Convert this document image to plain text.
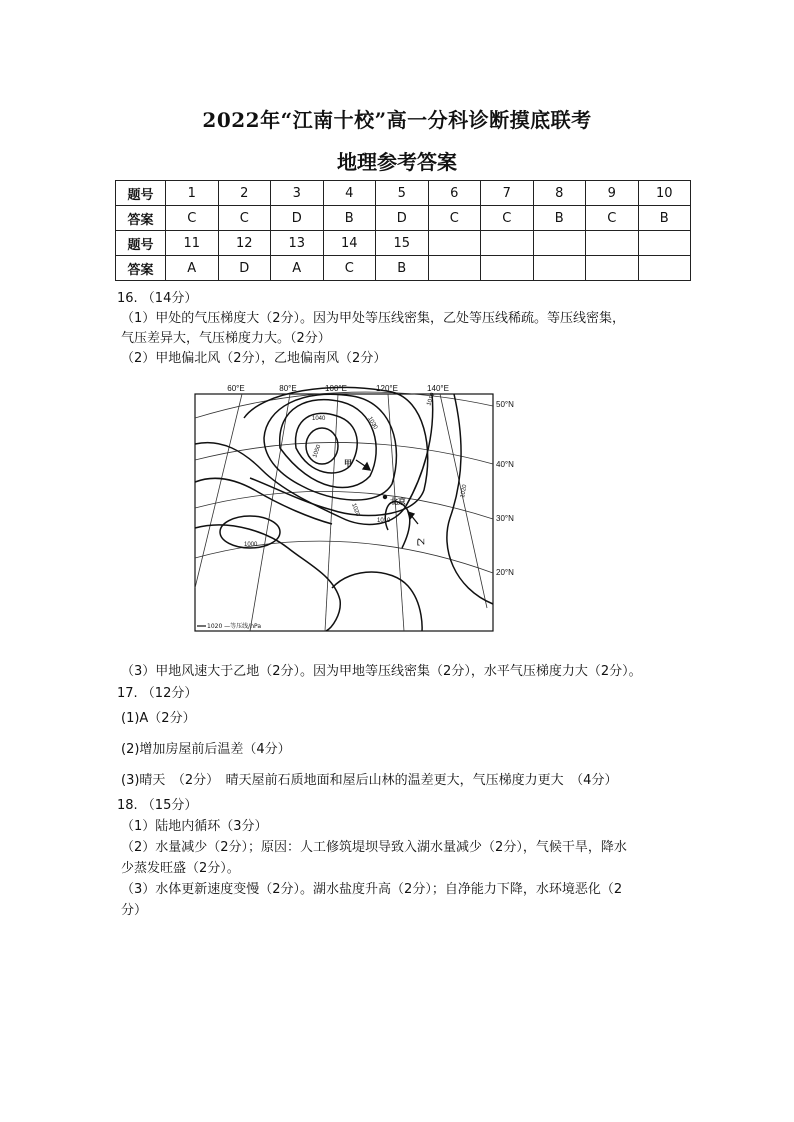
2022年“江南十校”高一分科诊断摸底联考
地理参考答案
题号	1	2	3	4	5	6	7	8	9	10
答案	C	C	D	B	D	C	C	B	C	B
题号	11	12	13	14	15					
答案	A	D	A	C	B					
16. （14分）
（1）甲处的气压梯度大（2分）。因为甲处等压线密集，乙处等压线稀疏。等压线密集，
气压差异大，气压梯度力大。（2分）
（2）甲地偏北风（2分），乙地偏南风（2分）
60°E	80°E	100°E	120°E	140°E
50°N
40°N
30°N
20°N
1040	1030
1010
1050
1020
1010
1020
1000
甲
北京
乙
1020 —等压线/hPa
（3）甲地风速大于乙地（2分）。因为甲地等压线密集（2分），水平气压梯度力大（2分）。
17. （12分）
(1)A（2分）
(2)增加房屋前后温差（4分）
(3)晴天　（2分）　晴天屋前石质地面和屋后山林的温差更大，气压梯度力更大　（4分）
18. （15分）
（1）陆地内循环（3分）
（2）水量减少（2分）；原因：人工修筑堤坝导致入湖水量减少（2分），气候干旱，降水
少蒸发旺盛（2分）。
（3）水体更新速度变慢（2分）。湖水盐度升高（2分）；自净能力下降，水环境恶化（2
分）
